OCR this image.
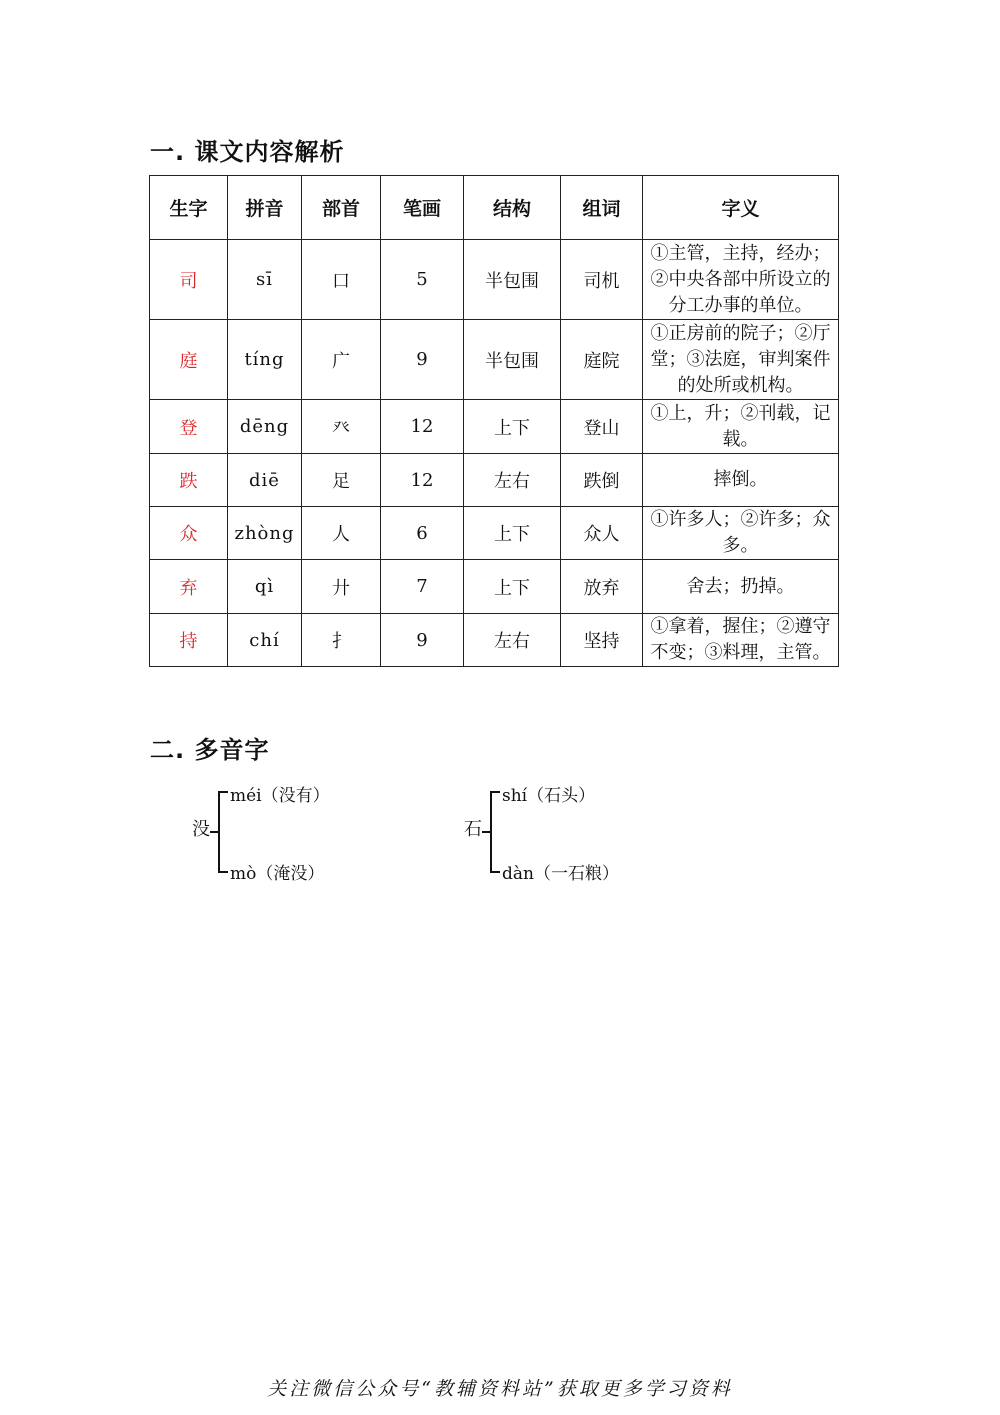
一. 课文内容解析
生字	拼音	部首	笔画	结构	组词	字义
司	sī	口	5	半包围	司机	①主管，主持，经办；②中央各部中所设立的分工办事的单位。
庭	tíng	广	9	半包围	庭院	①正房前的院子；②厅堂；③法庭，审判案件的处所或机构。
登	dēng	癶	12	上下	登山	①上，升；②刊载，记载。
跌	diē	足	12	左右	跌倒	摔倒。
众	zhòng	人	6	上下	众人	①许多人；②许多；众多。
弃	qì	廾	7	上下	放弃	舍去；扔掉。
持	chí	扌	9	左右	坚持	①拿着，握住；②遵守不变；③料理，主管。
二. 多音字
没
méi（没有）
mò（淹没）
石
shí（石头）
dàn（一石粮）
关注微信公众号“教辅资料站”获取更多学习资料
